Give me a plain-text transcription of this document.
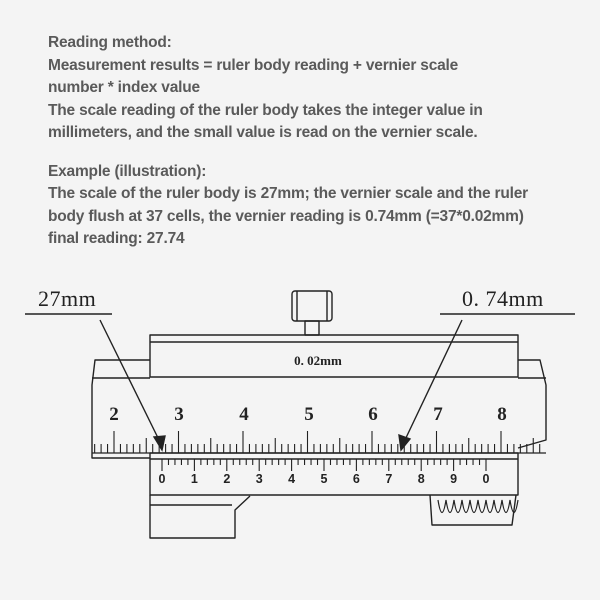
Reading method:
Measurement results = ruler body reading + vernier scale
number * index value
The scale reading of the ruler body takes the integer value in
millimeters, and the small value is read on the vernier scale.
Example (illustration):
The scale of the ruler body is 27mm; the vernier scale and the ruler
body flush at 37 cells, the vernier reading is 0.74mm (=37*0.02mm)
final reading: 27.74
27mm	0. 74mm
2	3	4	5	6	7	8
0 1 2 3 4 5 6 7 8 9 0
0. 02mm
